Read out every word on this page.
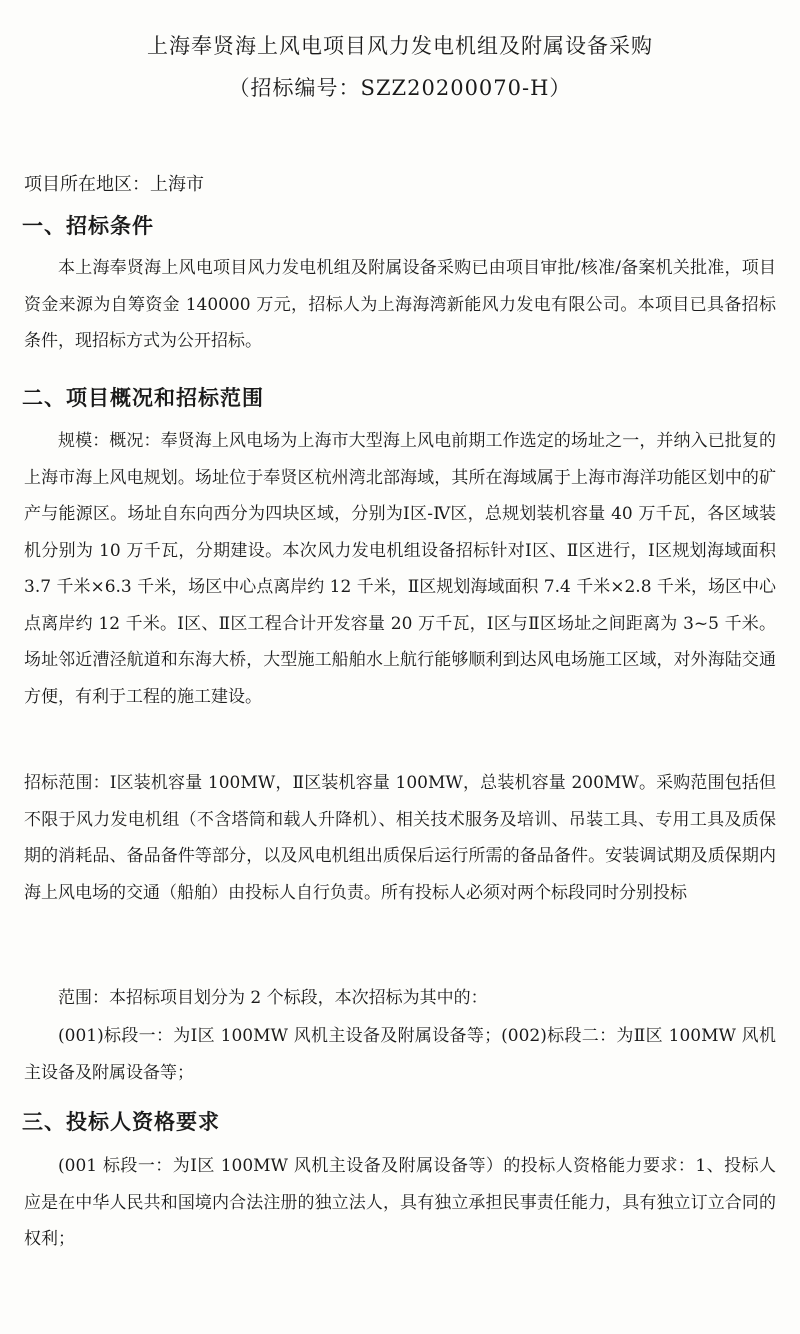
上海奉贤海上风电项目风力发电机组及附属设备采购
（招标编号：SZZ20200070-H）
项目所在地区：上海市
一、招标条件
本上海奉贤海上风电项目风力发电机组及附属设备采购已由项目审批/核准/备案机关批准，项目资金来源为自筹资金 140000 万元，招标人为上海海湾新能风力发电有限公司。本项目已具备招标条件，现招标方式为公开招标。
二、项目概况和招标范围
规模：概况：奉贤海上风电场为上海市大型海上风电前期工作选定的场址之一，并纳入已批复的上海市海上风电规划。场址位于奉贤区杭州湾北部海域，其所在海域属于上海市海洋功能区划中的矿产与能源区。场址自东向西分为四块区域，分别为Ⅰ区-Ⅳ区，总规划装机容量 40 万千瓦，各区域装机分别为 10 万千瓦，分期建设。本次风力发电机组设备招标针对Ⅰ区、Ⅱ区进行，Ⅰ区规划海域面积 3.7 千米×6.3 千米，场区中心点离岸约 12 千米，Ⅱ区规划海域面积 7.4 千米×2.8 千米，场区中心点离岸约 12 千米。Ⅰ区、Ⅱ区工程合计开发容量 20 万千瓦，Ⅰ区与Ⅱ区场址之间距离为 3~5 千米。场址邻近漕泾航道和东海大桥，大型施工船舶水上航行能够顺利到达风电场施工区域，对外海陆交通方便，有利于工程的施工建设。
招标范围：Ⅰ区装机容量 100MW，Ⅱ区装机容量 100MW，总装机容量 200MW。采购范围包括但不限于风力发电机组（不含塔筒和载人升降机）、相关技术服务及培训、吊装工具、专用工具及质保期的消耗品、备品备件等部分，以及风电机组出质保后运行所需的备品备件。安装调试期及质保期内海上风电场的交通（船舶）由投标人自行负责。所有投标人必须对两个标段同时分别投标
范围：本招标项目划分为 2 个标段，本次招标为其中的：
(001)标段一：为Ⅰ区 100MW 风机主设备及附属设备等；(002)标段二：为Ⅱ区 100MW 风机主设备及附属设备等；
三、投标人资格要求
(001 标段一：为Ⅰ区 100MW 风机主设备及附属设备等）的投标人资格能力要求：1、投标人应是在中华人民共和国境内合法注册的独立法人，具有独立承担民事责任能力，具有独立订立合同的权利；
